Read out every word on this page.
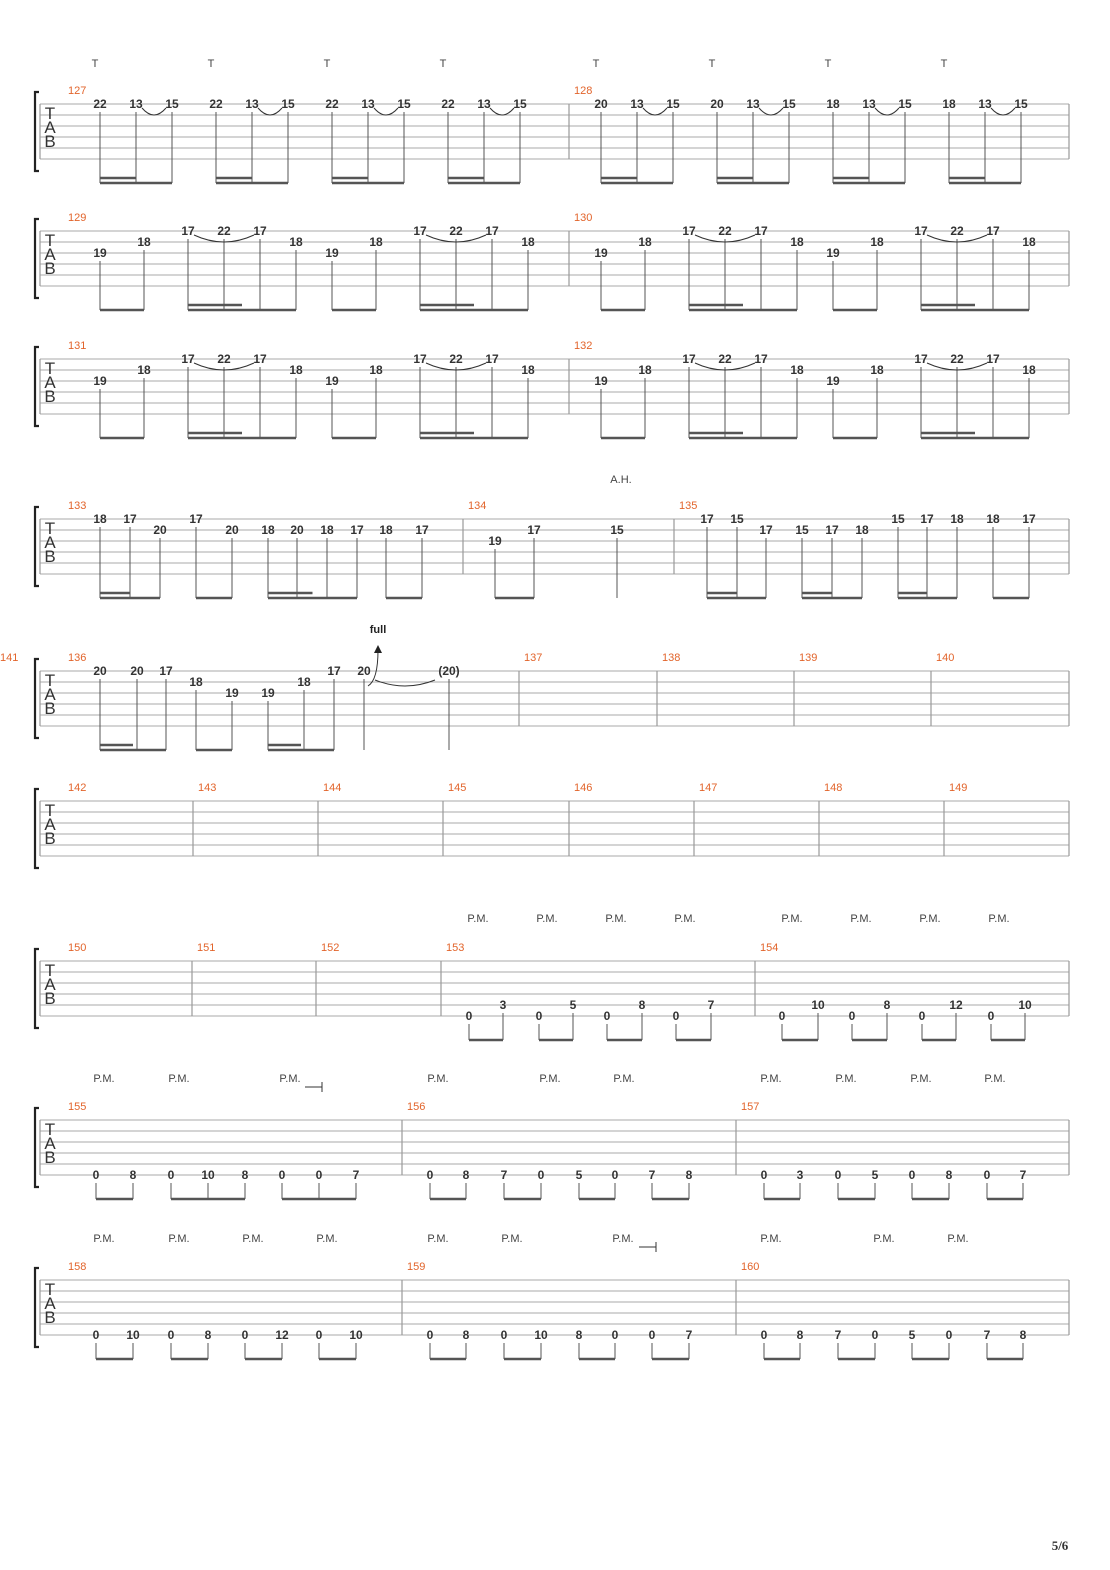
T
A
B
127
22 13 15	22 13 15	22 13 15	22 13 15
128
20 13 15	20 13 15	18 13 15	18 13 15
T
A
B
129
19
18
17 22 17
18
19
18
17 22 17
18
130
19
18
17 22 17
18
19
18
17 22 17
18
T
A
B
131
19
18
17 22 17
18
19
18
17 22 17
18
132
19
18
17 22 17
18
19
18
17 22 17
18
T
A
B
133
18 17
20
17
20 18 20 18 17 18 17
134
19
17	15
135
17 15
17 15 17 18
15 17 18 18 17
T
A
B
136
20 20 17
18
19 19
18
17 20
137
(20)
138	139	140
141
T
A
B
142	143	144	145	146	147	148	149
T
A
B
150	151	152	153
0
3
0
5
0
8
0
7
154
0
10
0
8
0
12
0
10
T
A
B
155
0	8	0 10 8	0	0	7
156
0 8	7	0	5 0	7	8
157
0 3	0	5	0	8	0 7
T
A
B
158
0 10 0	8	0 12 0 10
159
0 8	0 10 8 0	0	7
160
0 8	7	0	5	0	7 8
T	T	T	T	T	T	T	T
A.H.
full
P.M.	P.M.	P.M.	P.M.	P.M.	P.M.	P.M.	P.M.
P.M.	P.M.	P.M.	P.M.	P.M.	P.M.	P.M.	P.M.	P.M.	P.M.
P.M.	P.M.	P.M.	P.M.	P.M.	P.M.	P.M.	P.M.	P.M.	P.M.
5/6
